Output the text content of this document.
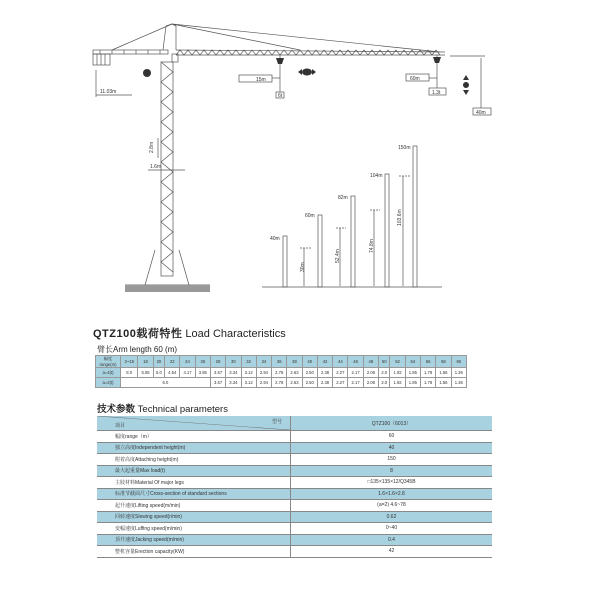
11.03m
2.8m
1.6m
15m
6t
60m
1.3t
40m
40m
60m
82m
104m
150m
30m
52.4m
74.8m
103.6m
QTZ100载荷特性 Load Characteristics
臂长Arm length 60 (m)
幅度
range(m)	3~15	18	20	22	24	26	28	30	32	34	36	38	40	42	44	46	48	50	52	54	56	58	60
a=4(t)	8.0	5.55	5.0	4.54	4.17	3.85	3.57	3.34	3.12	2.94	2.78	2.63	2.50	2.38	2.27	2.17	2.08	2.0	1.92	1.85	1.78	1.56	1.36
a=2(t)	6.0						3.57	3.34	3.12	2.94	2.78	2.63	2.50	2.38	2.27	2.17	2.08	2.0	1.92	1.85	1.78	1.56	1.36
技术参数 Technical parameters
项目
型号	QTZ100（6013）
幅度range（m）	60
独立高度Independent height(m)	40
附着高度Attaching height(m)	150
最大起重量Max load(t)	8
主肢材料Material Of major legs	□135×135×12/Q345B
标准节截面尺寸Cross-section of standard sections	1.6×1.6×2.8
起升速度Lifting speed(m/min)	(a=2) 4.6~78
回转速度Slewing speed(r/min)	0.62
变幅速度Luffing speed(m/min)	0~40
顶升速度Jacking speed(m/min)	0.4
整机容量Erection capacity(KW)	42
